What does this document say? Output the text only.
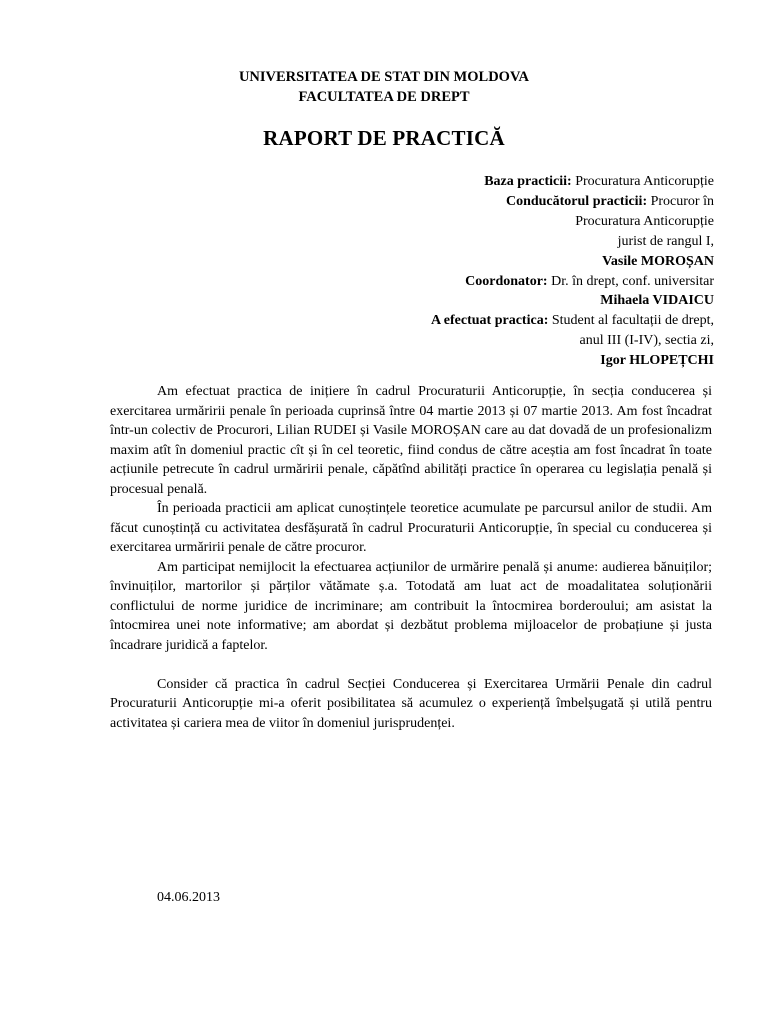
UNIVERSITATEA DE STAT DIN MOLDOVA
FACULTATEA DE DREPT
RAPORT DE PRACTICĂ
Baza practicii: Procuratura Anticorupție
Conducătorul practicii: Procuror în
Procuratura Anticorupție
jurist de rangul I,
Vasile MOROȘAN
Coordonator: Dr. în drept, conf. universitar
Mihaela VIDAICU
A efectuat practica: Student al facultații de drept,
anul III (I-IV), sectia zi,
Igor HLOPEȚCHI

Am efectuat practica de inițiere în cadrul Procuraturii Anticorupție, în secția conducerea și exercitarea urmăririi penale în perioada cuprinsă între 04 martie 2013 și 07 martie 2013. Am fost încadrat într-un colectiv de Procurori, Lilian RUDEI și Vasile MOROȘAN care au dat dovadă de un profesionalizm maxim atît în domeniul practic cît și în cel teoretic, fiind condus de către aceștia am fost încadrat în toate acțiunile petrecute în cadrul urmăririi penale, căpătînd abilități practice în operarea cu legislația penală și procesual penală.

În perioada practicii am aplicat cunoștințele teoretice acumulate pe parcursul anilor de studii. Am făcut cunoștință cu activitatea desfășurată în cadrul Procuraturii Anticorupție, în special cu conducerea și exercitarea urmăririi penale de către procuror.

Am participat nemijlocit la efectuarea acțiunilor de urmărire penală și anume: audierea bănuiților; învinuiților, martorilor și părților vătămate ș.a. Totodată am luat act de moadalitatea soluționării conflictului de norme juridice de incriminare; am contribuit la întocmirea borderoului; am asistat la întocmirea unei note informative; am abordat și dezbătut problema mijloacelor de probațiune și justa încadrare juridică a faptelor.

Consider că practica în cadrul Secției Conducerea și Exercitarea Urmării Penale din cadrul Procuraturii Anticorupție mi-a oferit posibilitatea să acumulez o experiență îmbelșugată și utilă pentru activitatea și cariera mea de viitor în domeniul jurisprudenței.

04.06.2013
